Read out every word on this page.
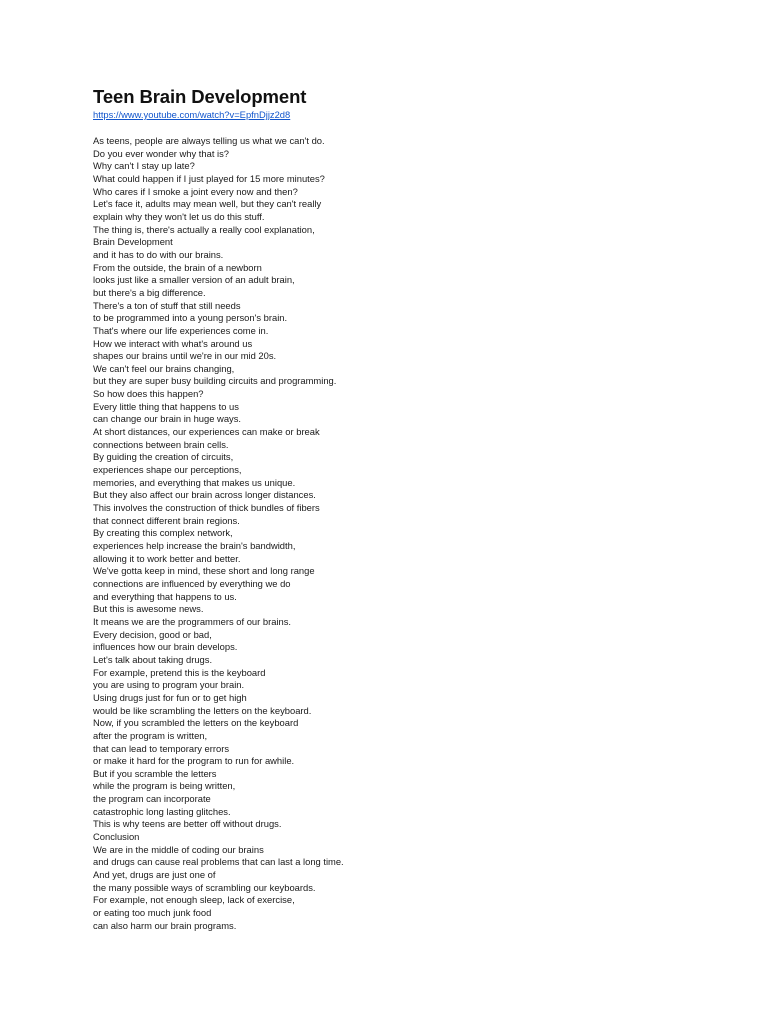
Teen Brain Development
https://www.youtube.com/watch?v=EpfnDjjz2d8
As teens, people are always telling us what we can't do.
Do you ever wonder why that is?
Why can't I stay up late?
What could happen if I just played for 15 more minutes?
Who cares if I smoke a joint every now and then?
Let's face it, adults may mean well, but they can't really
explain why they won't let us do this stuff.
The thing is, there's actually a really cool explanation,
Brain Development
and it has to do with our brains.
From the outside, the brain of a newborn
looks just like a smaller version of an adult brain,
but there's a big difference.
There's a ton of stuff that still needs
to be programmed into a young person's brain.
That's where our life experiences come in.
How we interact with what's around us
shapes our brains until we're in our mid 20s.
We can't feel our brains changing,
but they are super busy building circuits and programming.
So how does this happen?
Every little thing that happens to us
can change our brain in huge ways.
At short distances, our experiences can make or break
connections between brain cells.
By guiding the creation of circuits,
experiences shape our perceptions,
memories, and everything that makes us unique.
But they also affect our brain across longer distances.
This involves the construction of thick bundles of fibers
that connect different brain regions.
By creating this complex network,
experiences help increase the brain's bandwidth,
allowing it to work better and better.
We've gotta keep in mind, these short and long range
connections are influenced by everything we do
and everything that happens to us.
But this is awesome news.
It means we are the programmers of our brains.
Every decision, good or bad,
influences how our brain develops.
Let's talk about taking drugs.
For example, pretend this is the keyboard
you are using to program your brain.
Using drugs just for fun or to get high
would be like scrambling the letters on the keyboard.
Now, if you scrambled the letters on the keyboard
after the program is written,
that can lead to temporary errors
or make it hard for the program to run for awhile.
But if you scramble the letters
while the program is being written,
the program can incorporate
catastrophic long lasting glitches.
This is why teens are better off without drugs.
Conclusion
We are in the middle of coding our brains
and drugs can cause real problems that can last a long time.
And yet, drugs are just one of
the many possible ways of scrambling our keyboards.
For example, not enough sleep, lack of exercise,
or eating too much junk food
can also harm our brain programs.
